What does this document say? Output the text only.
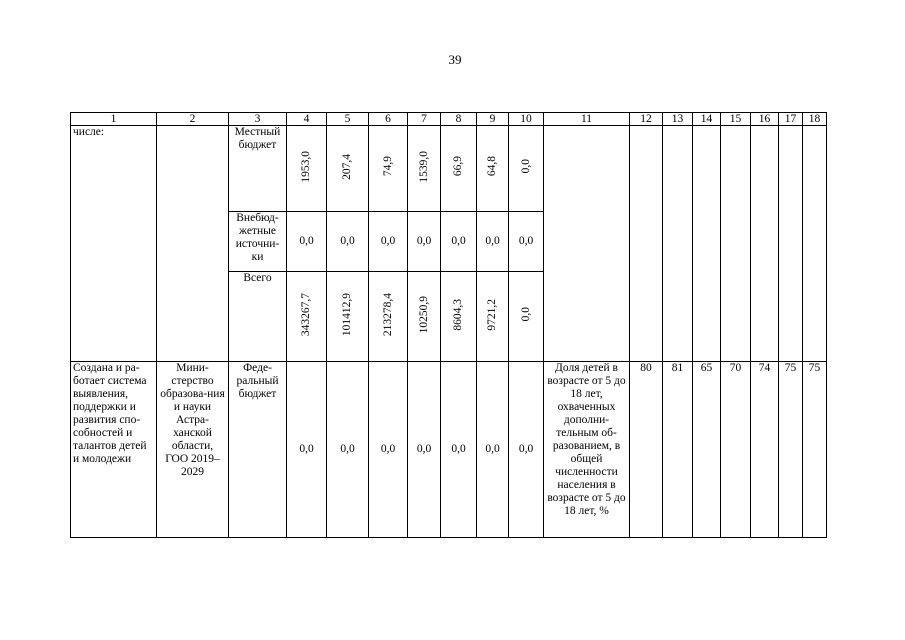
39
1	2	3	4	5	6	7	8	9	10	11	12	13	14	15	16	17	18
числе:		Местный бюджет	1953,0	207,4	74,9	1539,0	66,9	64,8	0,0								
		Внебюд-жетные источни-ки	0,0	0,0	0,0	0,0	0,0	0,0	0,0								
		Всего	343267,7	101412,9	213278,4	10250,9	8604,3	9721,2	0,0								
Создана и ра-ботает система выявления, поддержки и развития спо-собностей и талантов детей и молодежи	Мини-стерство образова-ния и науки Астра-ханской области, ГОО 2019–2029	Феде-ральный бюджет	0,0	0,0	0,0	0,0	0,0	0,0	0,0	Доля детей в возрасте от 5 до 18 лет, охваченных дополни-тельным об-разованием, в общей численности населения в возрасте от 5 до 18 лет, %	80	81	65	70	74	75	75
